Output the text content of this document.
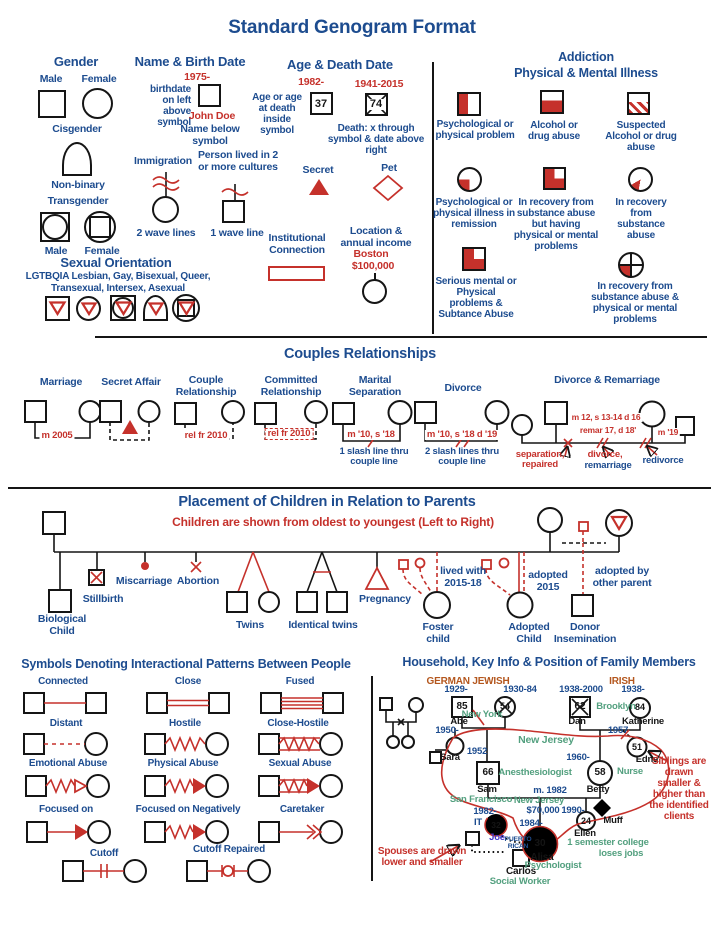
Standard Genogram Format
Gender
Male Female
Cisgender
Non-binary
Transgender
Male Female
Sexual Orientation
LGTBQIA Lesbian, Gay, Bisexual, Queer,
Transexual, Intersex, Asexual
Name & Birth Date
1975-
birthdate on left above symbol
John Doe
Name below symbol
Immigration
2 wave lines
Person lived in 2 or more cultures
1 wave line
Age & Death Date
1982-	1941-2015
Age or age at death inside symbol
37	74
Death: x through symbol & date above right
Secret	Pet
Institutional Connection
Location & annual income
Boston
$100,000
Addiction
Physical & Mental Illness
Psychological or physical problem
Alcohol or drug abuse
Suspected Alcohol or drug abuse
Psychological or physical illness in remission
In recovery from substance abuse but having physical or mental problems
In recovery from substance abuse
Serious mental or Physical problems & Subtance Abuse
In recovery from substance abuse & physical or mental problems
Couples Relationships
Marriage
m 2005
Secret Affair	Couple Relationship
rel fr 2010
Committed Relationship
rel fr 2010
Marital Separation
m '10, s '18
1 slash line thru couple line
Divorce
m '10, s '18 d '19
2 slash lines thru couple line
Divorce & Remarriage
m 12, s 13-14 d 16
remar 17, d 18'	m '19
separation, repaired
divorce,
remarriage redivorce
Placement of Children in Relation to Parents
Children are shown from oldest to youngest (Left to Right)
Biological Child
Stillbirth
Miscarriage Abortion
Twins Identical twins
Pregnancy
lived with 2015-18
Foster child
adopted 2015
Adopted Child
adopted by other parent
Donor Insemination
Symbols Denoting Interactional Patterns Between People
Connected	Close	Fused
Distant	Hostile	Close-Hostile
Emotional Abuse	Physical Abuse	Sexual Abuse
Focused on	Focused on Negatively	Caretaker
Cutoff	Cutoff Repaired
Household, Key Info & Position of Family Members
GERMAN JEWISH	IRISH
1929-
85
Abe
1930-84
54
New York
1938-2000
62
Dan
Brooklyn
1938-
84
Katherine
1950-
Sara
1952
New Jersey
1957
51
Edna
Nurse
66
Sam
Anesthesiologist
1960-
58
Betty
m. 1982
New Jersey
$70,000 1990-
24
Ellen
Muff
1 semester college
loses jobs
San Francisco
1982-
IT 32
Joe PUERTO RICAN
1984-
30
Alisa
Psychologist
Carlos
Social Worker
Siblings are drawn smaller & higher than the identified clients
Spouses are drawn lower and smaller
